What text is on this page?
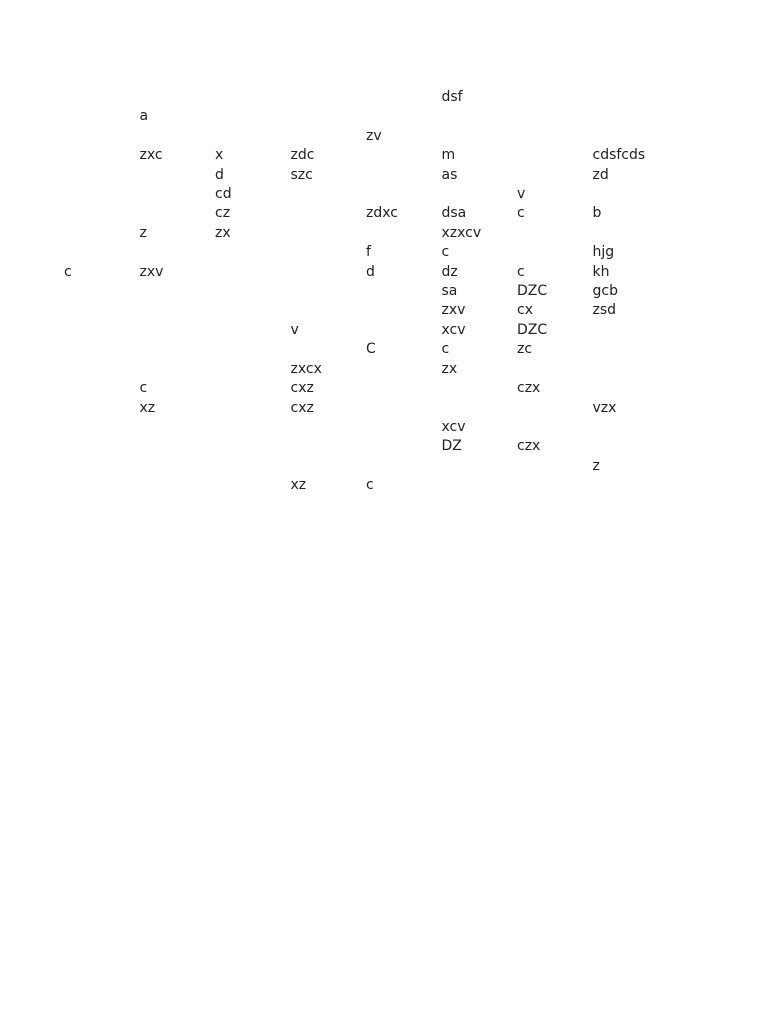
					dsf		
	a						
				zv			
	zxc	x	zdc		m		cdsfcds
		d	szc		as		zd
		cd				v	
		cz		zdxc	dsa	c	b
	z	zx			xzxcv		
				f	c		hjg
c	zxv			d	dz	c	kh
					sa	DZC	gcb
					zxv	cx	zsd
			v		xcv	DZC	
				C	c	zc	
			zxcx		zx		
	c		cxz			czx	
	xz		cxz				vzx
					xcv		
					DZ	czx	
							z
			xz	c			
